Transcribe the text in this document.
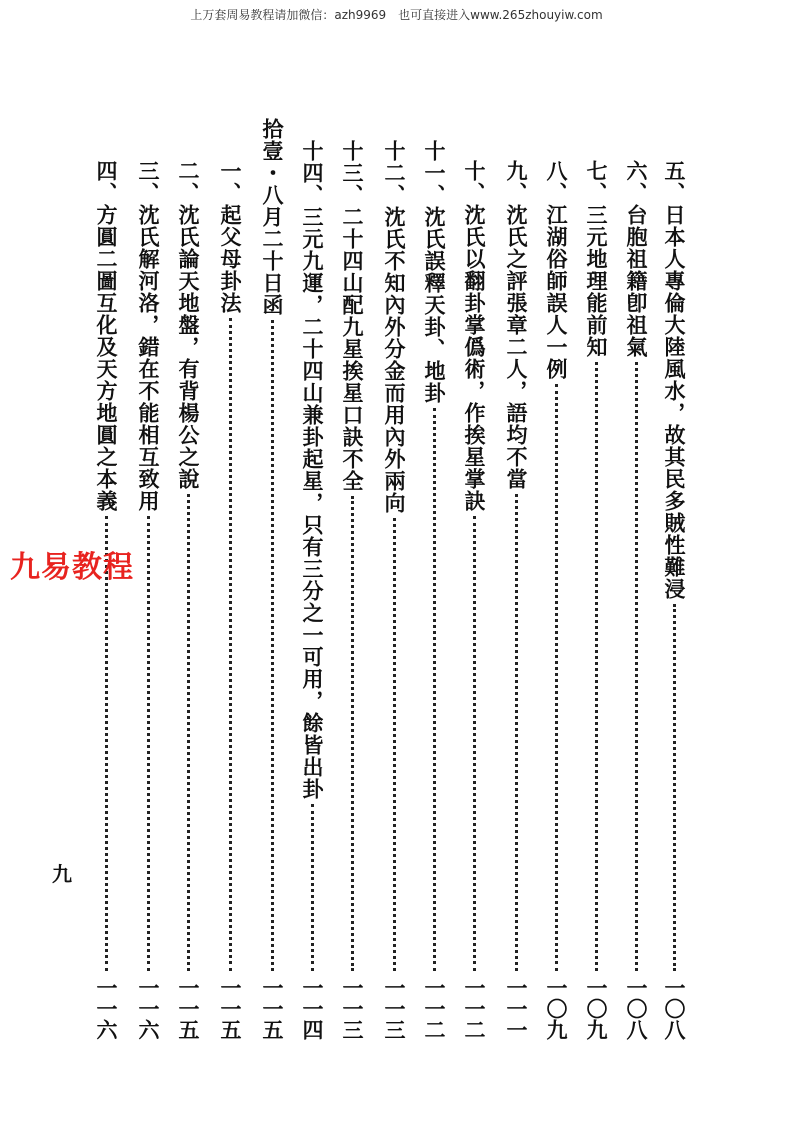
上万套周易教程请加微信：azh9969　也可直接进入www.265zhouyiw.com
五、日本人專倫大陸風水，故其民多賊性難浸
一〇八
六、台胞祖籍卽祖氣
一〇八
七、三元地理能前知
一〇九
八、江湖俗師誤人一例
一〇九
九、沈氏之評張章二人，語均不當
一一一
十、沈氏以翻卦掌僞術，作挨星掌訣
一一二
十一、沈氏誤釋天卦、地卦
一一二
十二、沈氏不知內外分金而用內外兩向
一一三
十三、二十四山配九星挨星口訣不全
一一三
十四、三元九運，二十四山兼卦起星，只有三分之一可用，餘皆出卦
一一四
拾壹・八月二十日函
一一五
一、起父母卦法
一一五
二、沈氏論天地盤，有背楊公之說
一一五
三、沈氏解河洛，錯在不能相互致用
一一六
四、方圓二圖互化及天方地圓之本義
一一六
九易教程
九
